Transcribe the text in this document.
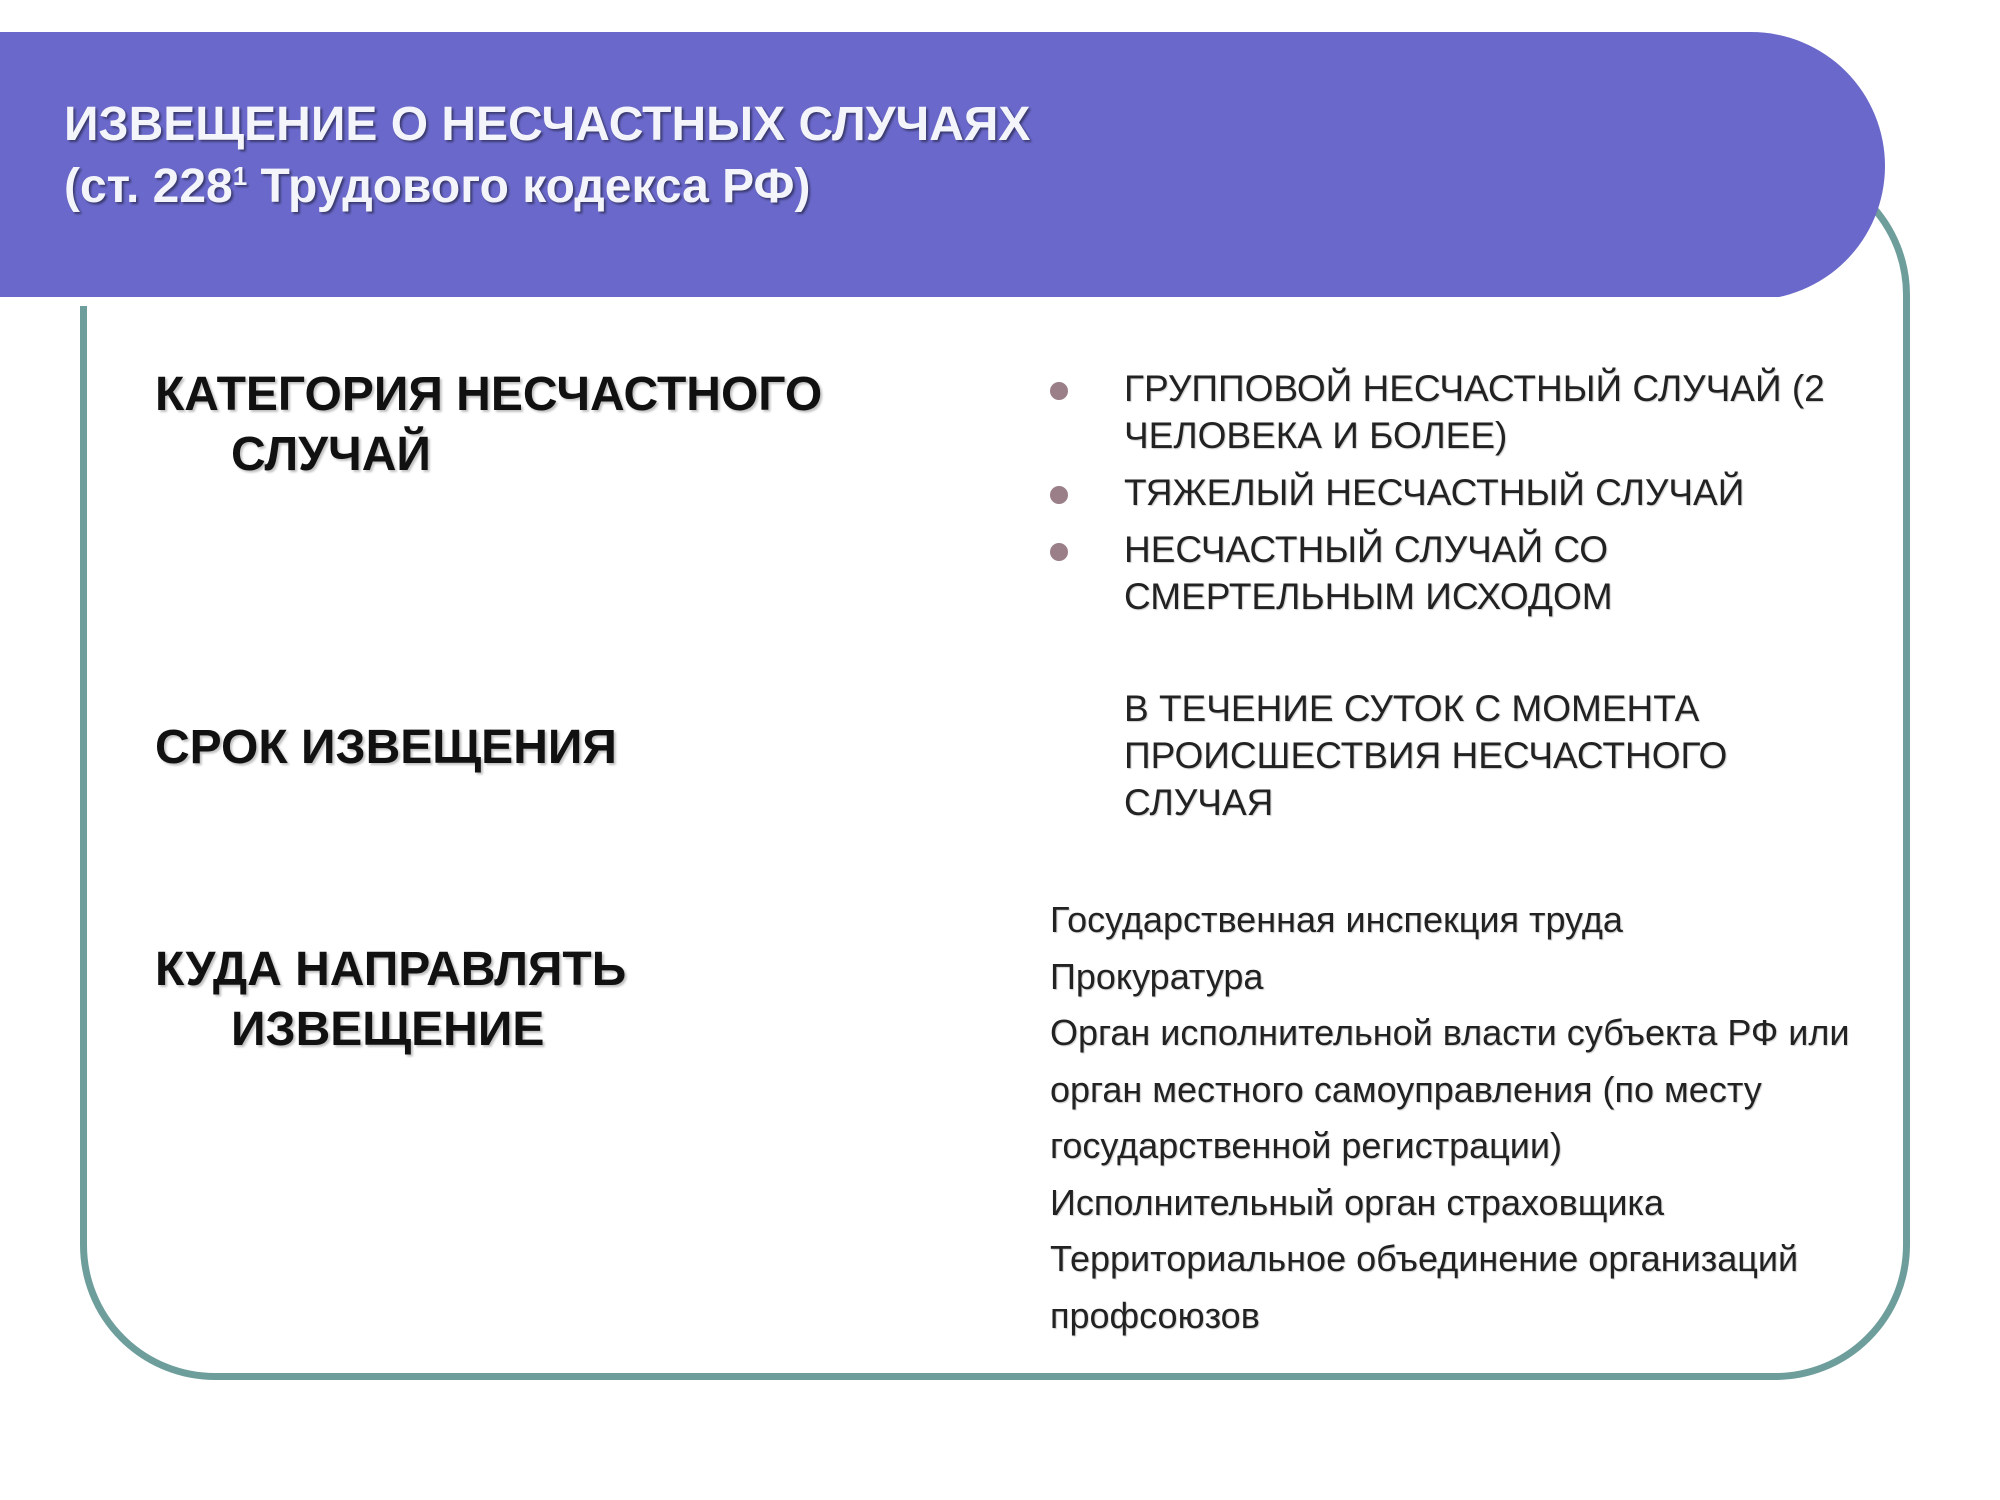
ИЗВЕЩЕНИЕ О НЕСЧАСТНЫХ СЛУЧАЯХ
(ст. $228^1$ Трудового кодекса РФ)
КАТЕГОРИЯ НЕСЧАСТНОГО
СЛУЧАЙ
ГРУППОВОЙ НЕСЧАСТНЫЙ СЛУЧАЙ (2 ЧЕЛОВЕКА И БОЛЕЕ)
ТЯЖЕЛЫЙ НЕСЧАСТНЫЙ СЛУЧАЙ
НЕСЧАСТНЫЙ СЛУЧАЙ СО СМЕРТЕЛЬНЫМ ИСХОДОМ
СРОК ИЗВЕЩЕНИЯ
В ТЕЧЕНИЕ СУТОК С МОМЕНТА ПРОИСШЕСТВИЯ НЕСЧАСТНОГО СЛУЧАЯ
КУДА НАПРАВЛЯТЬ
ИЗВЕЩЕНИЕ
Государственная инспекция труда
Прокуратура
Орган исполнительной власти субъекта РФ или орган местного самоуправления (по месту государственной регистрации)
Исполнительный орган страховщика
Территориальное объединение организаций профсоюзов
